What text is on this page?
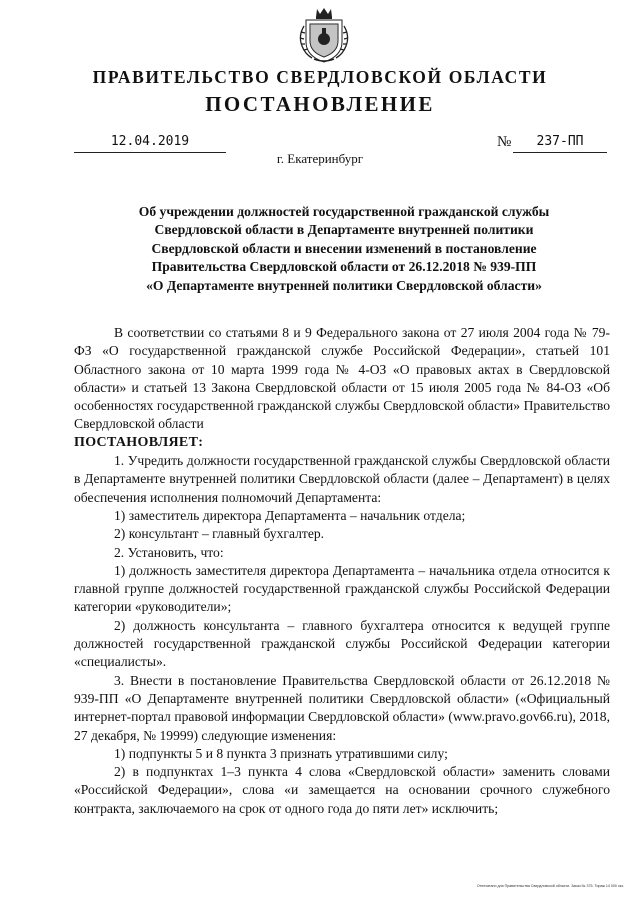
ПРАВИТЕЛЬСТВО СВЕРДЛОВСКОЙ ОБЛАСТИ
ПОСТАНОВЛЕНИЕ
12.04.2019	№	237-ПП
г. Екатеринбург
Об учреждении должностей государственной гражданской службы
Свердловской области в Департаменте внутренней политики
Свердловской области и внесении изменений в постановление
Правительства Свердловской области от 26.12.2018 № 939-ПП
«О Департаменте внутренней политики Свердловской области»

В соответствии со статьями 8 и 9 Федерального закона от 27 июля 2004 года № 79-ФЗ «О государственной гражданской службе Российской Федерации», статьей 101 Областного закона от 10 марта 1999 года № 4-ОЗ «О правовых актах в Свердловской области» и статьей 13 Закона Свердловской области от 15 июля 2005 года № 84-ОЗ «Об особенностях государственной гражданской службы Свердловской области» Правительство Свердловской области

ПОСТАНОВЛЯЕТ:

1. Учредить должности государственной гражданской службы Свердловской области в Департаменте внутренней политики Свердловской области (далее – Департамент) в целях обеспечения исполнения полномочий Департамента:

1) заместитель директора Департамента – начальник отдела;

2) консультант – главный бухгалтер.

2. Установить, что:

1) должность заместителя директора Департамента – начальника отдела относится к главной группе должностей государственной гражданской службы Российской Федерации категории «руководители»;

2) должность консультанта – главного бухгалтера относится к ведущей группе должностей государственной гражданской службы Российской Федерации категории «специалисты».

3. Внести в постановление Правительства Свердловской области от 26.12.2018 № 939-ПП «О Департаменте внутренней политики Свердловской области» («Официальный интернет-портал правовой информации Свердловской области» (www.pravo.gov66.ru), 2018, 27 декабря, № 19999) следующие изменения:

1) подпункты 5 и 8 пункта 3 признать утратившими силу;

2) в подпунктах 1–3 пункта 4 слова «Свердловской области» заменить словами «Российской Федерации», слова «и замещается на основании срочного служебного контракта, заключаемого на срок от одного года до пяти лет» исключить;

Отпечатано для Правительства Свердловской области. Заказ № 375. Тираж 14 000 экз.
